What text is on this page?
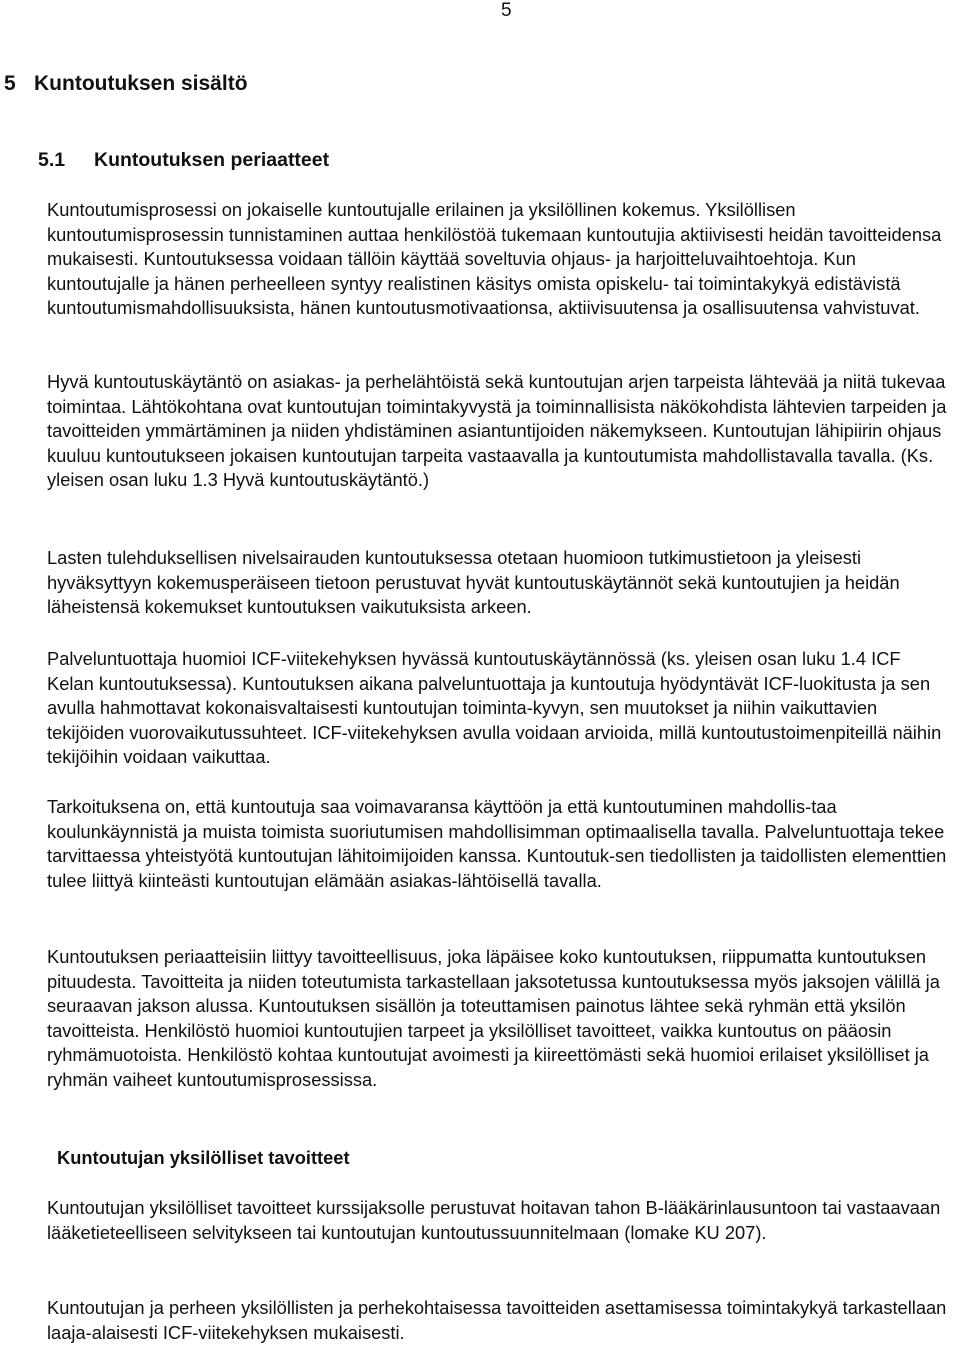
5
5 Kuntoutuksen sisältö
5.1 Kuntoutuksen periaatteet

Kuntoutumisprosessi on jokaiselle kuntoutujalle erilainen ja yksilöllinen kokemus. Yksilöllisen kuntoutumisprosessin tunnistaminen auttaa henkilöstöä tukemaan kuntoutujia aktiivisesti heidän tavoitteidensa mukaisesti. Kuntoutuksessa voidaan tällöin käyttää soveltuvia ohjaus- ja harjoitteluvaihtoehtoja. Kun kuntoutujalle ja hänen perheelleen syntyy realistinen käsitys omista opiskelu- tai toimintakykyä edistävistä kuntoutumismahdollisuuksista, hänen kuntoutusmotivaationsa, aktiivisuutensa ja osallisuutensa vahvistuvat.

Hyvä kuntoutuskäytäntö on asiakas- ja perhelähtöistä sekä kuntoutujan arjen tarpeista lähtevää ja niitä tukevaa toimintaa. Lähtökohtana ovat kuntoutujan toimintakyvystä ja toiminnallisista näkökohdista lähtevien tarpeiden ja tavoitteiden ymmärtäminen ja niiden yhdistäminen asiantuntijoiden näkemykseen. Kuntoutujan lähipiirin ohjaus kuuluu kuntoutukseen jokaisen kuntoutujan tarpeita vastaavalla ja kuntoutumista mahdollistavalla tavalla. (Ks. yleisen osan luku 1.3 Hyvä kuntoutuskäytäntö.)

Lasten tulehduksellisen nivelsairauden kuntoutuksessa otetaan huomioon tutkimustietoon ja yleisesti hyväksyttyyn kokemusperäiseen tietoon perustuvat hyvät kuntoutuskäytännöt sekä kuntoutujien ja heidän läheistensä kokemukset kuntoutuksen vaikutuksista arkeen.

Palveluntuottaja huomioi ICF-viitekehyksen hyvässä kuntoutuskäytännössä (ks. yleisen osan luku 1.4 ICF Kelan kuntoutuksessa). Kuntoutuksen aikana palveluntuottaja ja kuntoutuja hyödyntävät ICF-luokitusta ja sen avulla hahmottavat kokonaisvaltaisesti kuntoutujan toiminta-kyvyn, sen muutokset ja niihin vaikuttavien tekijöiden vuorovaikutussuhteet. ICF-viitekehyksen avulla voidaan arvioida, millä kuntoutustoimenpiteillä näihin tekijöihin voidaan vaikuttaa.

Tarkoituksena on, että kuntoutuja saa voimavaransa käyttöön ja että kuntoutuminen mahdollis-taa koulunkäynnistä ja muista toimista suoriutumisen mahdollisimman optimaalisella tavalla. Palveluntuottaja tekee tarvittaessa yhteistyötä kuntoutujan lähitoimijoiden kanssa. Kuntoutuk-sen tiedollisten ja taidollisten elementtien tulee liittyä kiinteästi kuntoutujan elämään asiakas-lähtöisellä tavalla.

Kuntoutuksen periaatteisiin liittyy tavoitteellisuus, joka läpäisee koko kuntoutuksen, riippumatta kuntoutuksen pituudesta. Tavoitteita ja niiden toteutumista tarkastellaan jaksotetussa kuntoutuksessa myös jaksojen välillä ja seuraavan jakson alussa. Kuntoutuksen sisällön ja toteuttamisen painotus lähtee sekä ryhmän että yksilön tavoitteista. Henkilöstö huomioi kuntoutujien tarpeet ja yksilölliset tavoitteet, vaikka kuntoutus on pääosin ryhmämuotoista. Henkilöstö kohtaa kuntoutujat avoimesti ja kiireettömästi sekä huomioi erilaiset yksilölliset ja ryhmän vaiheet kuntoutumisprosessissa.

Kuntoutujan yksilölliset tavoitteet

Kuntoutujan yksilölliset tavoitteet kurssijaksolle perustuvat hoitavan tahon B-lääkärinlausuntoon tai vastaavaan lääketieteelliseen selvitykseen tai kuntoutujan kuntoutussuunnitelmaan (lomake KU 207).

Kuntoutujan ja perheen yksilöllisten ja perhekohtaisessa tavoitteiden asettamisessa toimintakykyä tarkastellaan laaja-alaisesti ICF-viitekehyksen mukaisesti.
